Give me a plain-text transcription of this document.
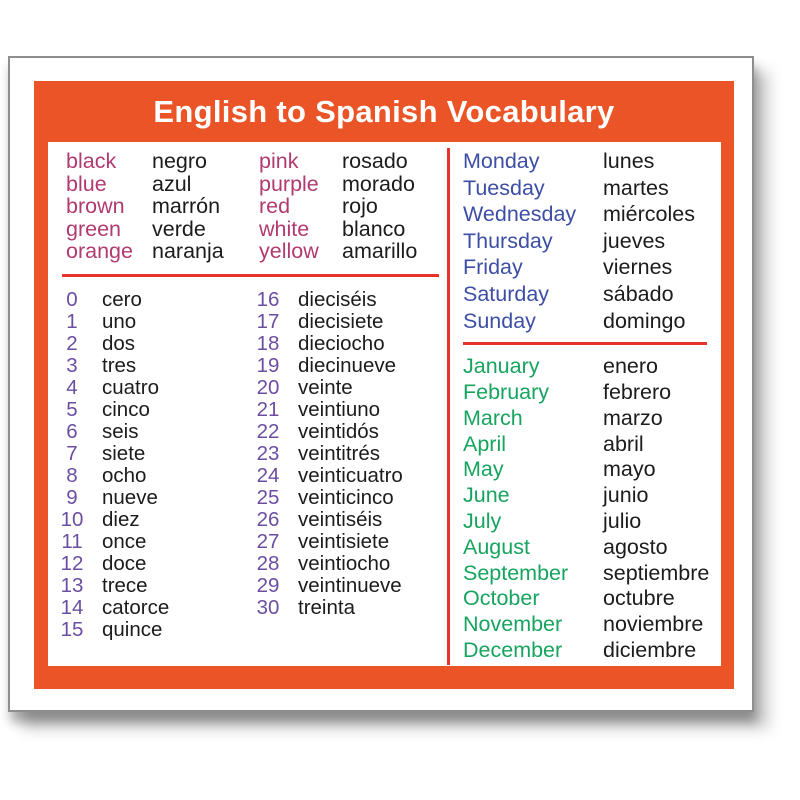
English to Spanish Vocabulary
black	negro	pink	rosado
blue	azul	purple	morado
brown	marrón	red	rojo
green	verde	white	blanco
orange naranja	yellow	amarillo
0	cero
1	uno
2	dos
3	tres
4	cuatro
5	cinco
6	seis
7	siete
8	ocho
9	nueve
10 diez
11 once
12 doce
13 trece
14 catorce
15 quince
16 dieciséis
17 diecisiete
18 dieciocho
19 diecinueve
20 veinte
21 veintiuno
22 veintidós
23 veintitrés
24 veinticuatro
25 veinticinco
26 veintiséis
27 veintisiete
28 veintiocho
29 veintinueve
30 treinta
Monday	lunes
Tuesday	martes
Wednesday	miércoles
Thursday	jueves
Friday	viernes
Saturday	sábado
Sunday	domingo
January	enero
February	febrero
March	marzo
April	abril
May	mayo
June	junio
July	julio
August	agosto
September	septiembre
October	octubre
November	noviembre
December	diciembre
